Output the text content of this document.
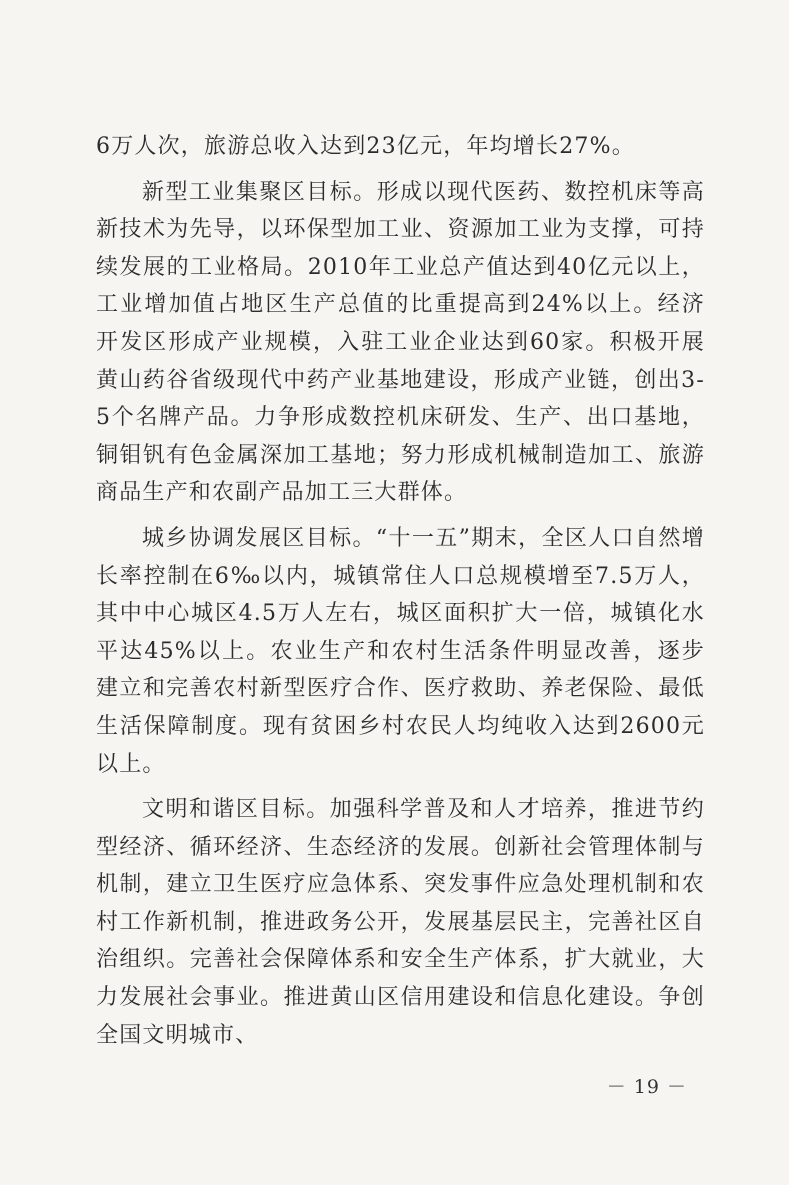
6万人次，旅游总收入达到23亿元，年均增长27%。

新型工业集聚区目标。形成以现代医药、数控机床等高新技术为先导，以环保型加工业、资源加工业为支撑，可持续发展的工业格局。2010年工业总产值达到40亿元以上，工业增加值占地区生产总值的比重提高到24%以上。经济开发区形成产业规模，入驻工业企业达到60家。积极开展黄山药谷省级现代中药产业基地建设，形成产业链，创出3-5个名牌产品。力争形成数控机床研发、生产、出口基地，铜钼钒有色金属深加工基地；努力形成机械制造加工、旅游商品生产和农副产品加工三大群体。

城乡协调发展区目标。“十一五”期末，全区人口自然增长率控制在6‰以内，城镇常住人口总规模增至7.5万人，其中中心城区4.5万人左右，城区面积扩大一倍，城镇化水平达45%以上。农业生产和农村生活条件明显改善，逐步建立和完善农村新型医疗合作、医疗救助、养老保险、最低生活保障制度。现有贫困乡村农民人均纯收入达到2600元以上。

文明和谐区目标。加强科学普及和人才培养，推进节约型经济、循环经济、生态经济的发展。创新社会管理体制与机制，建立卫生医疗应急体系、突发事件应急处理机制和农村工作新机制，推进政务公开，发展基层民主，完善社区自治组织。完善社会保障体系和安全生产体系，扩大就业，大力发展社会事业。推进黄山区信用建设和信息化建设。争创全国文明城市、

－ 19 －
